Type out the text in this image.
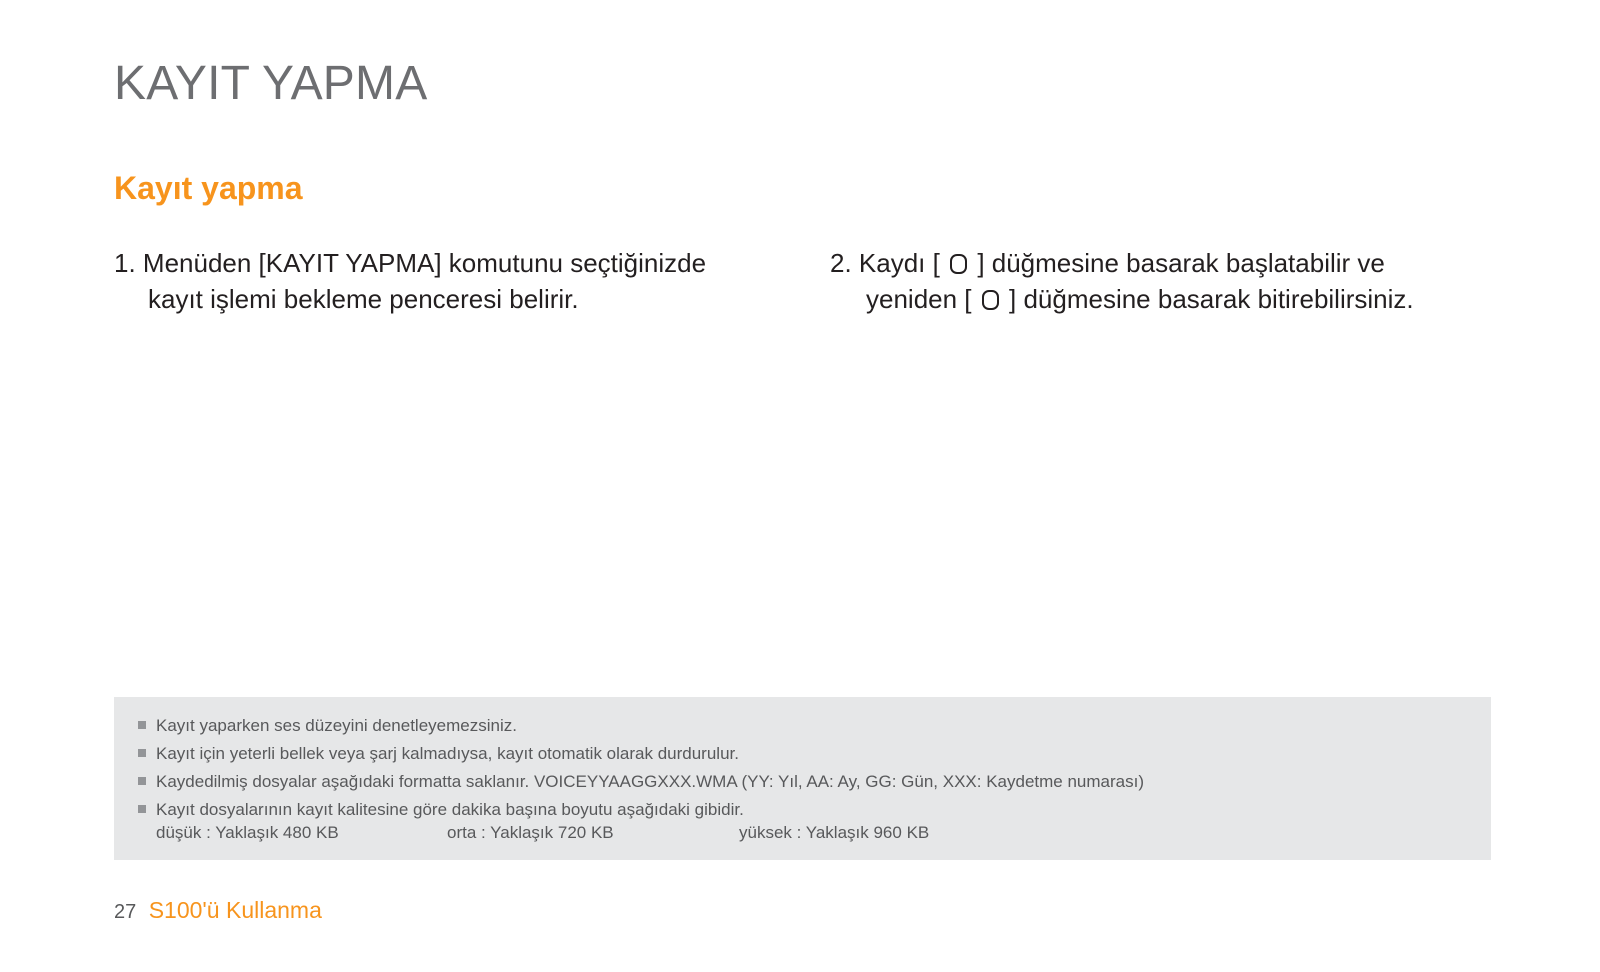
KAYIT YAPMA
Kayıt yapma
1. Menüden [KAYIT YAPMA] komutunu seçtiğinizde
kayıt işlemi bekleme penceresi belirir.
2. Kaydı [ ] düğmesine basarak başlatabilir ve
yeniden [ ] düğmesine basarak bitirebilirsiniz.
Kayıt yaparken ses düzeyini denetleyemezsiniz.
Kayıt için yeterli bellek veya şarj kalmadıysa, kayıt otomatik olarak durdurulur.
Kaydedilmiş dosyalar aşağıdaki formatta saklanır. VOICEYYAAGGXXX.WMA (YY: Yıl, AA: Ay, GG: Gün, XXX: Kaydetme numarası)
Kayıt dosyalarının kayıt kalitesine göre dakika başına boyutu aşağıdaki gibidir.
düşük : Yaklaşık 480 KB	orta : Yaklaşık 720 KB	yüksek : Yaklaşık 960 KB
27 S100'ü Kullanma
